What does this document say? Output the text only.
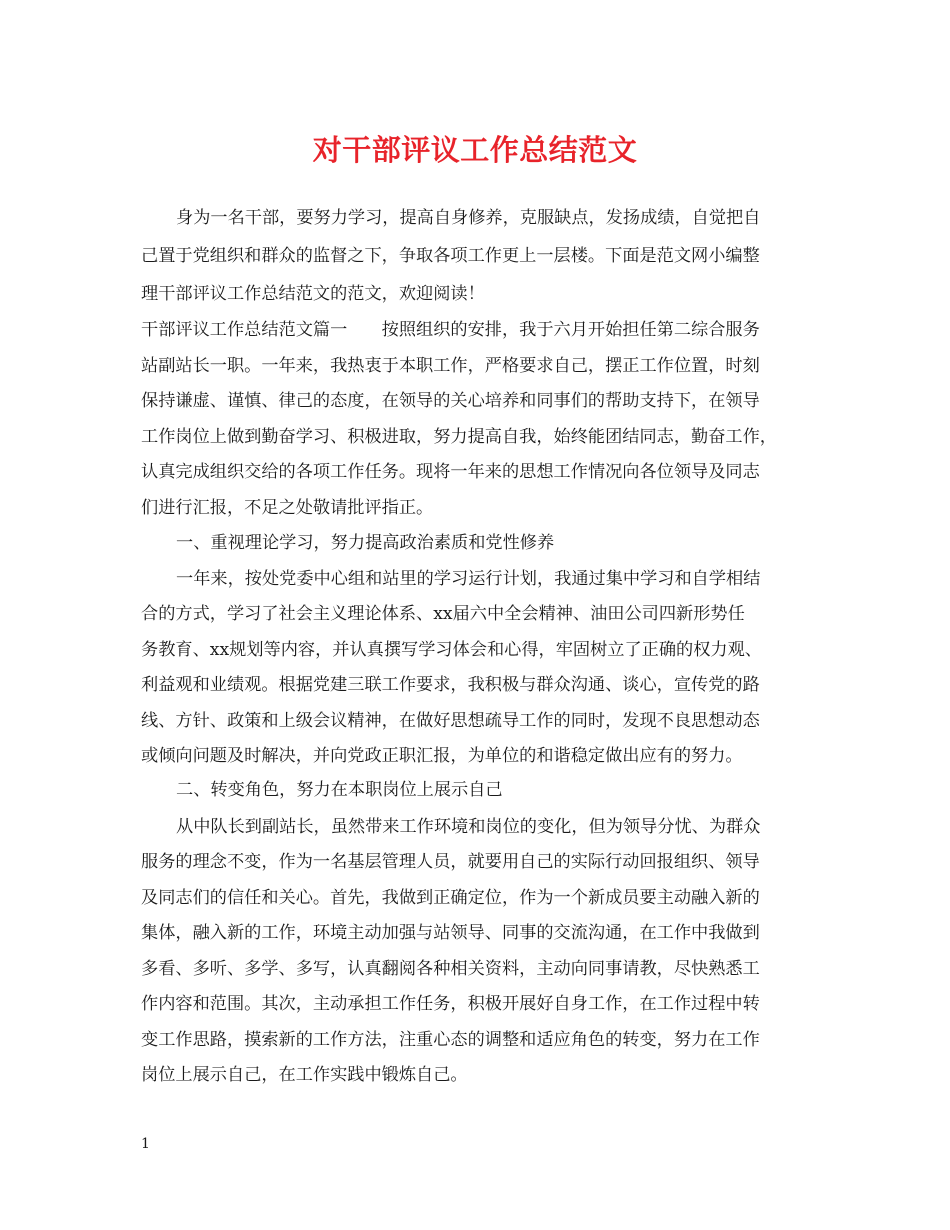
对干部评议工作总结范文
身为一名干部，要努力学习，提高自身修养，克服缺点，发扬成绩，自觉把自
己置于党组织和群众的监督之下，争取各项工作更上一层楼。下面是范文网小编整
理干部评议工作总结范文的范文，欢迎阅读！
干部评议工作总结范文篇一　　按照组织的安排，我于六月开始担任第二综合服务
站副站长一职。一年来，我热衷于本职工作，严格要求自己，摆正工作位置，时刻
保持谦虚、谨慎、律己的态度，在领导的关心培养和同事们的帮助支持下，在领导
工作岗位上做到勤奋学习、积极进取，努力提高自我，始终能团结同志，勤奋工作，
认真完成组织交给的各项工作任务。现将一年来的思想工作情况向各位领导及同志
们进行汇报，不足之处敬请批评指正。
一、重视理论学习，努力提高政治素质和党性修养
一年来，按处党委中心组和站里的学习运行计划，我通过集中学习和自学相结
合的方式，学习了社会主义理论体系、xx届六中全会精神、油田公司四新形势任
务教育、xx规划等内容，并认真撰写学习体会和心得，牢固树立了正确的权力观、
利益观和业绩观。根据党建三联工作要求，我积极与群众沟通、谈心，宣传党的路
线、方针、政策和上级会议精神，在做好思想疏导工作的同时，发现不良思想动态
或倾向问题及时解决，并向党政正职汇报，为单位的和谐稳定做出应有的努力。
二、转变角色，努力在本职岗位上展示自己
从中队长到副站长，虽然带来工作环境和岗位的变化，但为领导分忧、为群众
服务的理念不变，作为一名基层管理人员，就要用自己的实际行动回报组织、领导
及同志们的信任和关心。首先，我做到正确定位，作为一个新成员要主动融入新的
集体，融入新的工作，环境主动加强与站领导、同事的交流沟通，在工作中我做到
多看、多听、多学、多写，认真翻阅各种相关资料，主动向同事请教，尽快熟悉工
作内容和范围。其次，主动承担工作任务，积极开展好自身工作，在工作过程中转
变工作思路，摸索新的工作方法，注重心态的调整和适应角色的转变，努力在工作
岗位上展示自己，在工作实践中锻炼自己。
1
